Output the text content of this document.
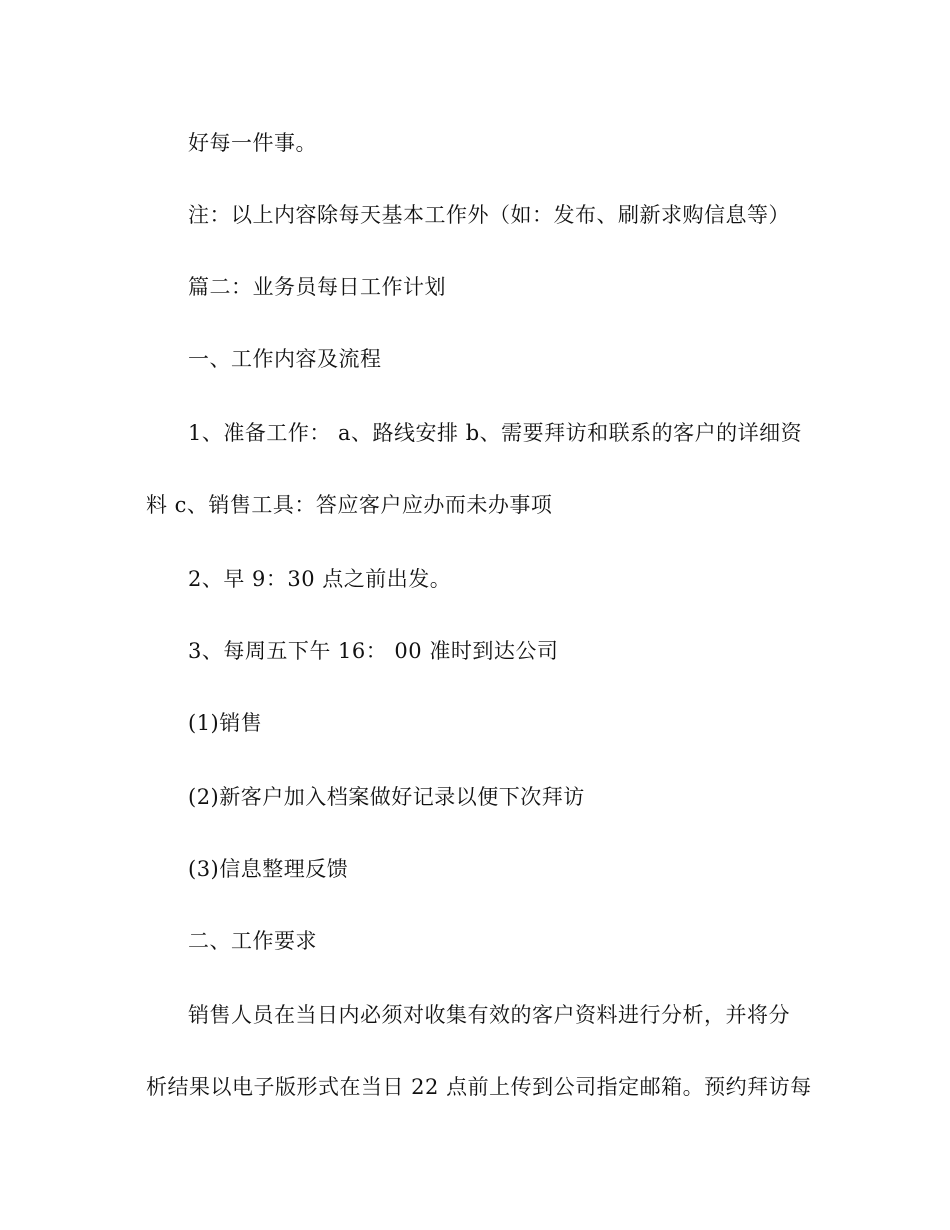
好每一件事。
注：以上内容除每天基本工作外（如：发布、刷新求购信息等）
篇二：业务员每日工作计划
一、工作内容及流程
1、准备工作： a、路线安排 b、需要拜访和联系的客户的详细资
料 c、销售工具：答应客户应办而未办事项
2、早 9：30 点之前出发。
3、每周五下午 16： 00 准时到达公司
(1)销售
(2)新客户加入档案做好记录以便下次拜访
(3)信息整理反馈
二、工作要求
销售人员在当日内必须对收集有效的客户资料进行分析，并将分
析结果以电子版形式在当日 22 点前上传到公司指定邮箱。预约拜访每
